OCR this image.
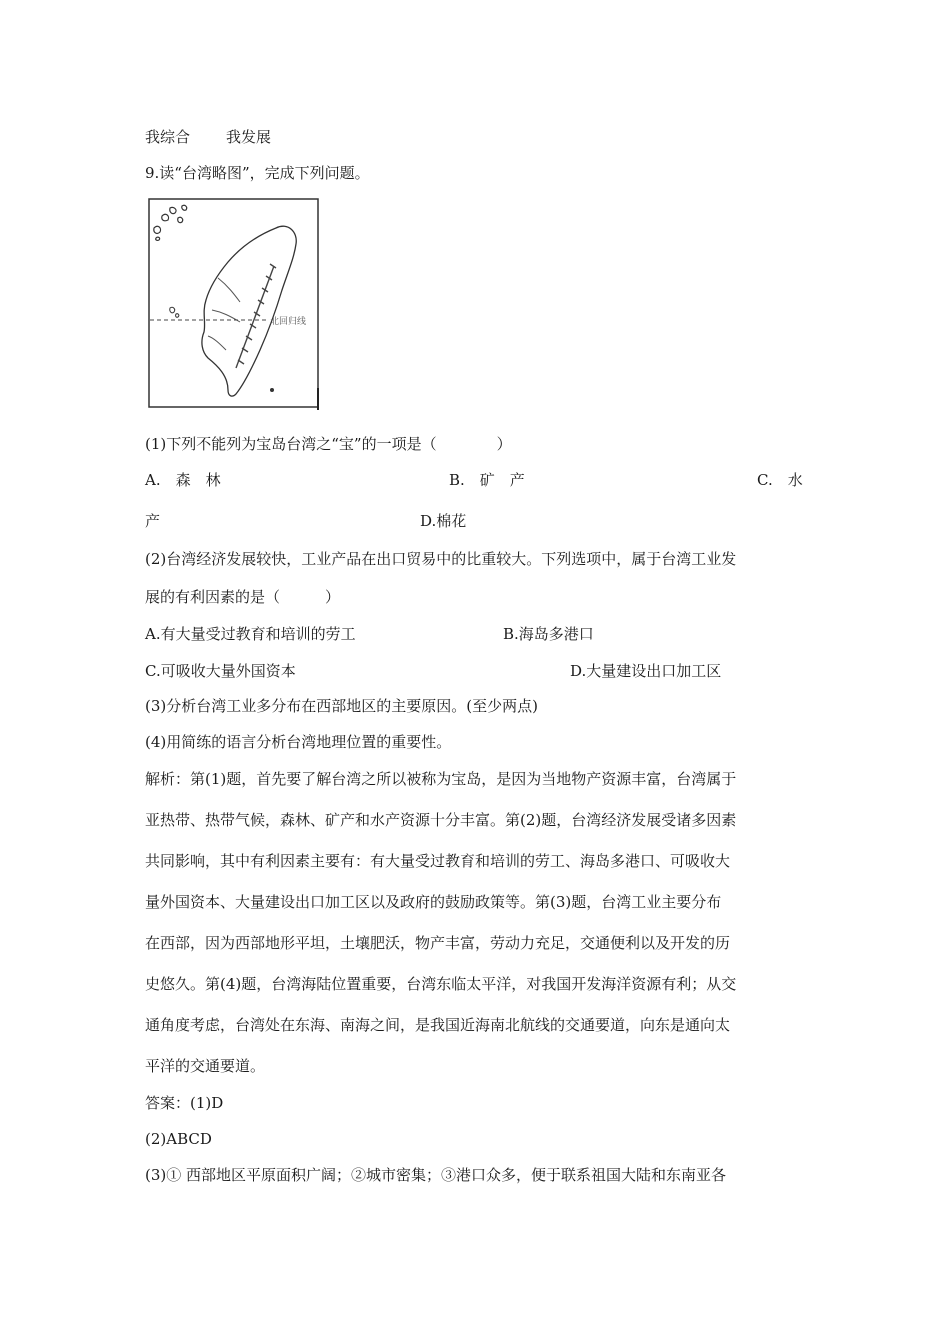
我综合 我发展
9.读“台湾略图”，完成下列问题。
北回归线
(1)下列不能列为宝岛台湾之“宝”的一项是（　　　　）
A.　森　林	B.　矿　产	C.　水
产	D.棉花
(2)台湾经济发展较快，工业产品在出口贸易中的比重较大。下列选项中，属于台湾工业发
展的有利因素的是（　　　）
A.有大量受过教育和培训的劳工	B.海岛多港口
C.可吸收大量外国资本	D.大量建设出口加工区
(3)分析台湾工业多分布在西部地区的主要原因。(至少两点)
(4)用简练的语言分析台湾地理位置的重要性。
解析：第(1)题，首先要了解台湾之所以被称为宝岛，是因为当地物产资源丰富，台湾属于
亚热带、热带气候，森林、矿产和水产资源十分丰富。第(2)题，台湾经济发展受诸多因素
共同影响，其中有利因素主要有：有大量受过教育和培训的劳工、海岛多港口、可吸收大
量外国资本、大量建设出口加工区以及政府的鼓励政策等。第(3)题，台湾工业主要分布
在西部，因为西部地形平坦，土壤肥沃，物产丰富，劳动力充足，交通便利以及开发的历
史悠久。第(4)题，台湾海陆位置重要，台湾东临太平洋，对我国开发海洋资源有利；从交
通角度考虑，台湾处在东海、南海之间，是我国近海南北航线的交通要道，向东是通向太
平洋的交通要道。
答案：(1)D
(2)ABCD
(3)① 西部地区平原面积广阔；②城市密集；③港口众多，便于联系祖国大陆和东南亚各
